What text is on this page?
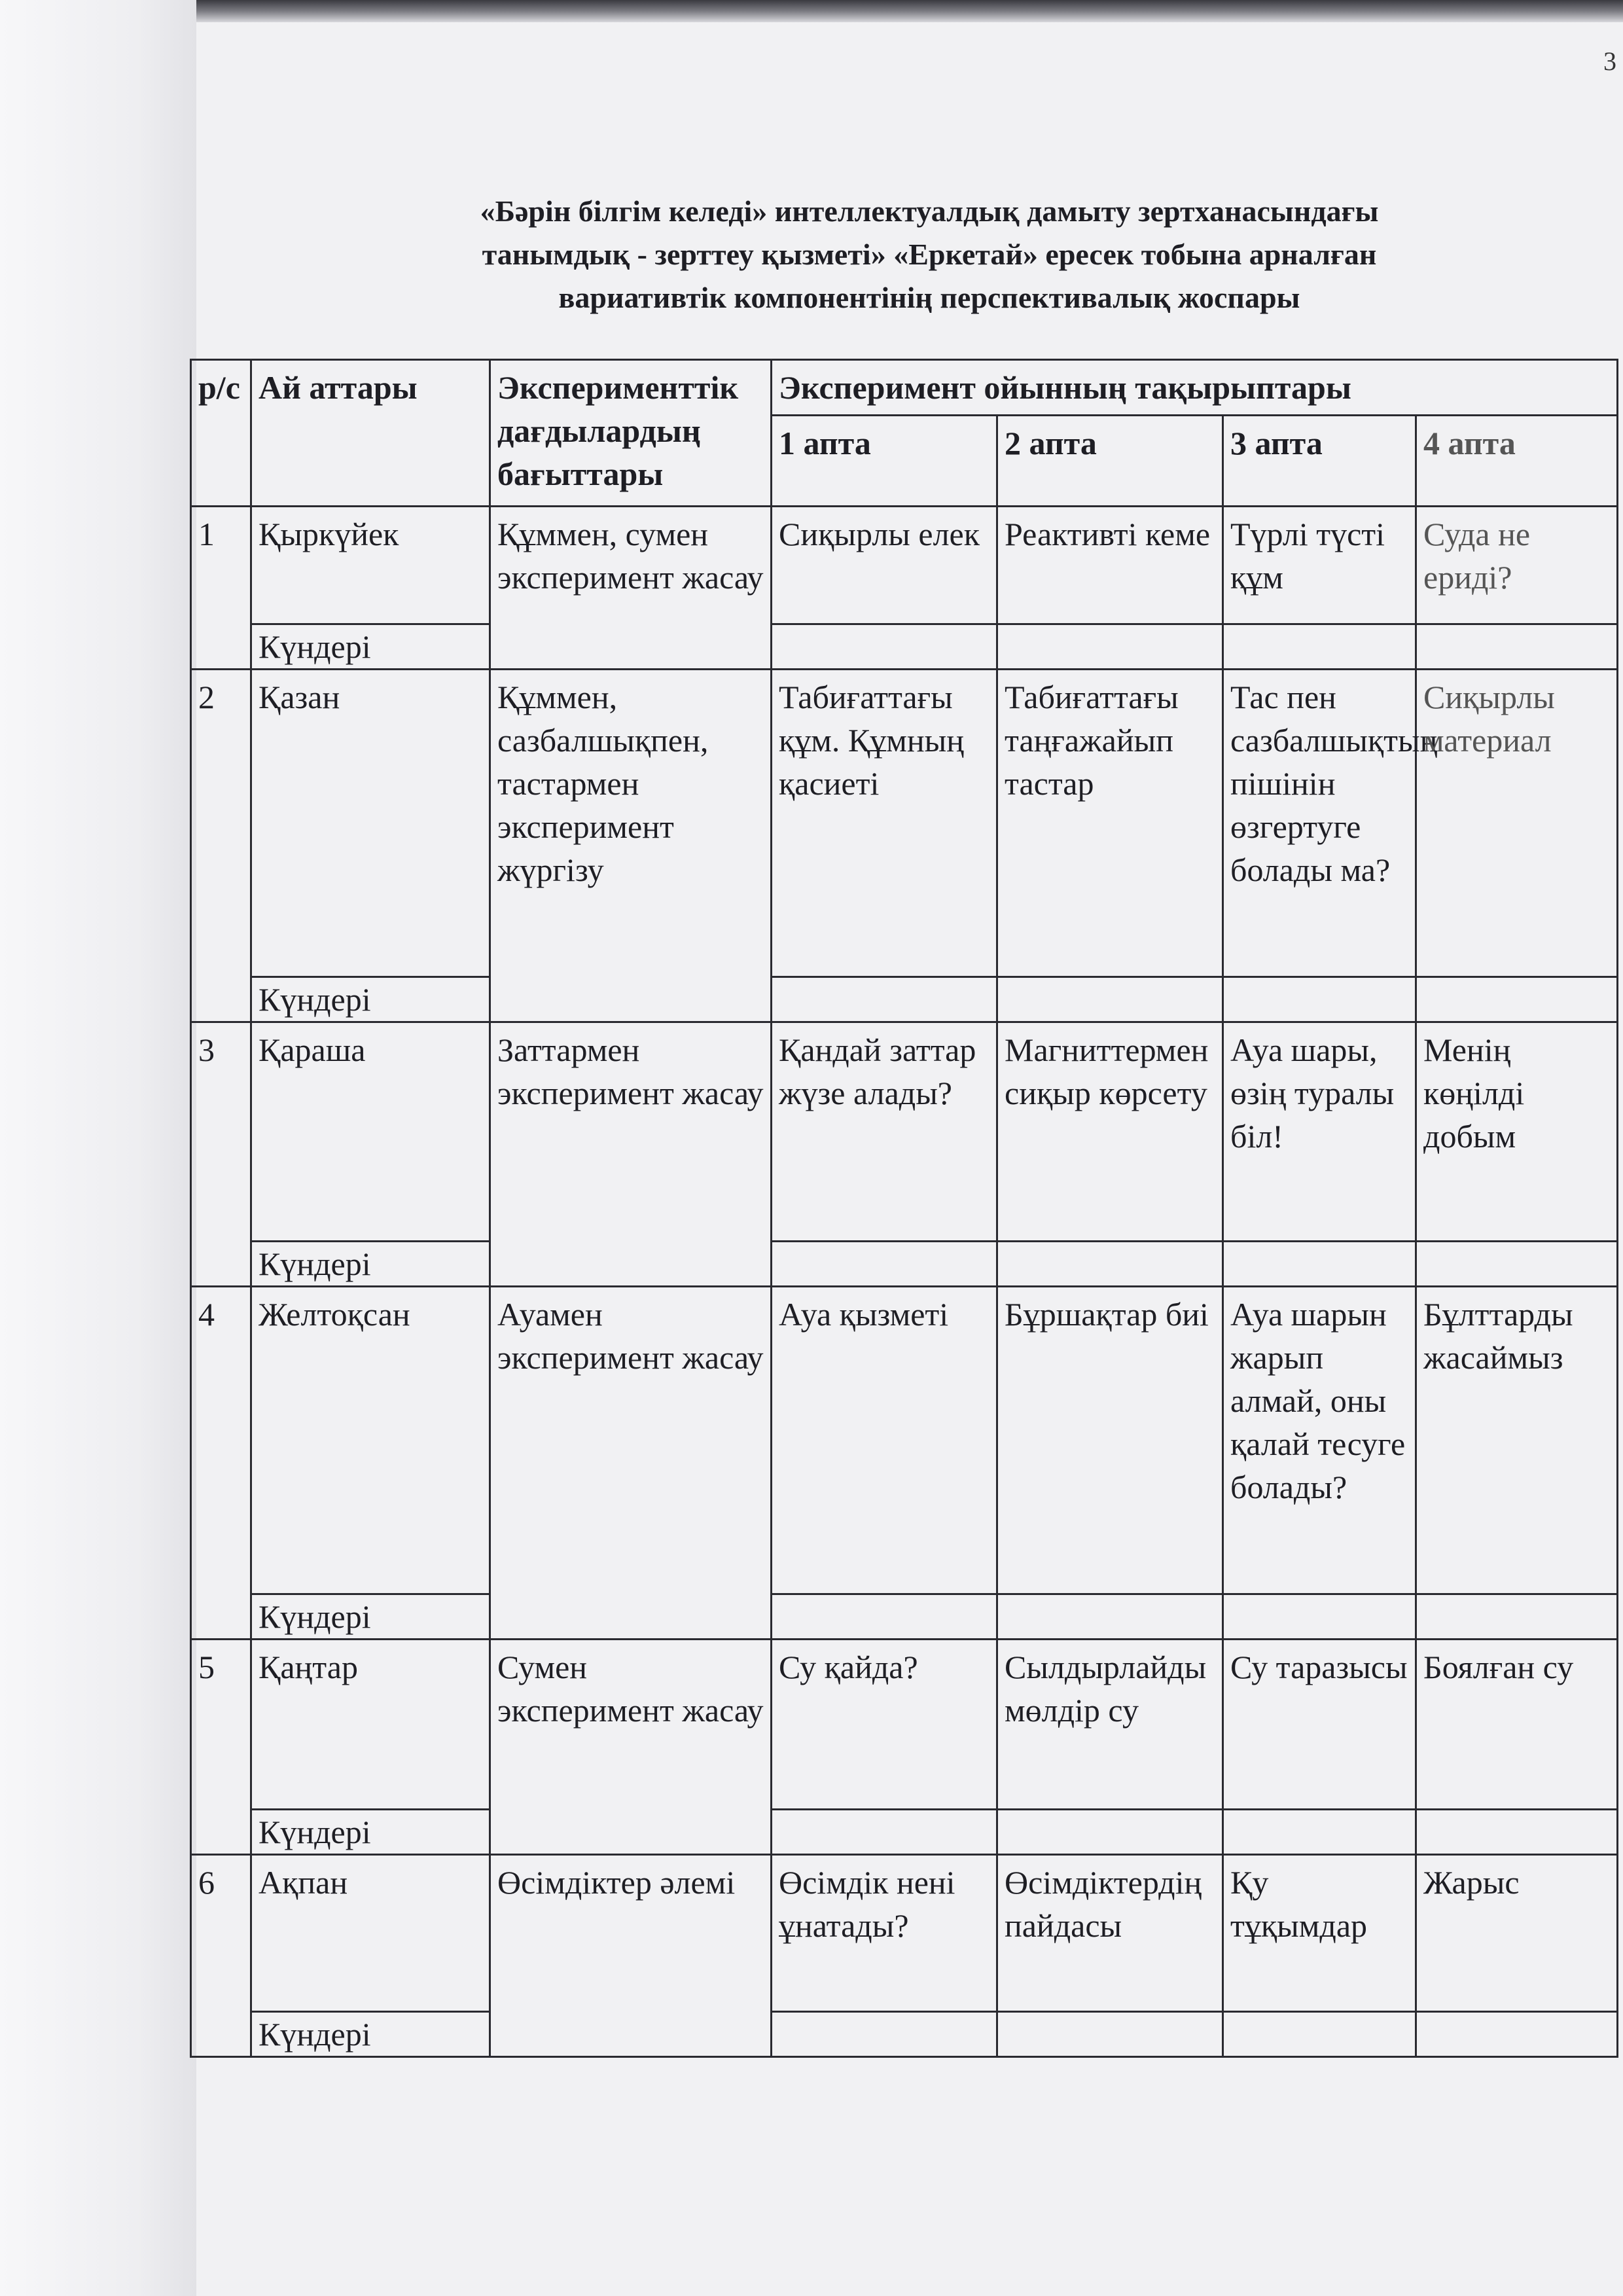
3
«Бәрін білгім келеді» интеллектуалдық дамыту зертханасындағы
танымдық - зерттеу қызметі» «Еркетай» ересек тобына арналған
вариативтік компонентінің перспективалық жоспары
р/с	Ай аттары	Эксперименттік дағдылардың бағыттары	Эксперимент ойынның тақырыптары			
			1 апта	2 апта	3 апта	4 апта
1	Қыркүйек	Құммен, сумен эксперимент жасау	Сиқырлы елек	Реактивті кеме	Түрлі түсті құм	Суда не ериді?
	Күндері					
2	Қазан	Құммен, сазбалшықпен, тастармен эксперимент жүргізу	Табиғаттағы құм. Құмның қасиеті	Табиғаттағы таңғажайып тастар	Тас пен сазбалшықтың пішінін өзгертуге болады ма?	Сиқырлы материал
	Күндері					
3	Қараша	Заттармен эксперимент жасау	Қандай заттар жүзе алады?	Магниттермен сиқыр көрсету	Ауа шары, өзің туралы біл!	Менің көңілді добым
	Күндері					
4	Желтоқсан	Ауамен эксперимент жасау	Ауа қызметі	Бұршақтар биі	Ауа шарын жарып алмай, оны қалай тесуге болады?	Бұлттарды жасаймыз
	Күндері					
5	Қаңтар	Сумен эксперимент жасау	Су қайда?	Сылдырлайды мөлдір су	Су таразысы	Боялған су
	Күндері					
6	Ақпан	Өсімдіктер әлемі	Өсімдік нені ұнатады?	Өсімдіктердің пайдасы	Қу тұқымдар	Жарыс
	Күндері					
